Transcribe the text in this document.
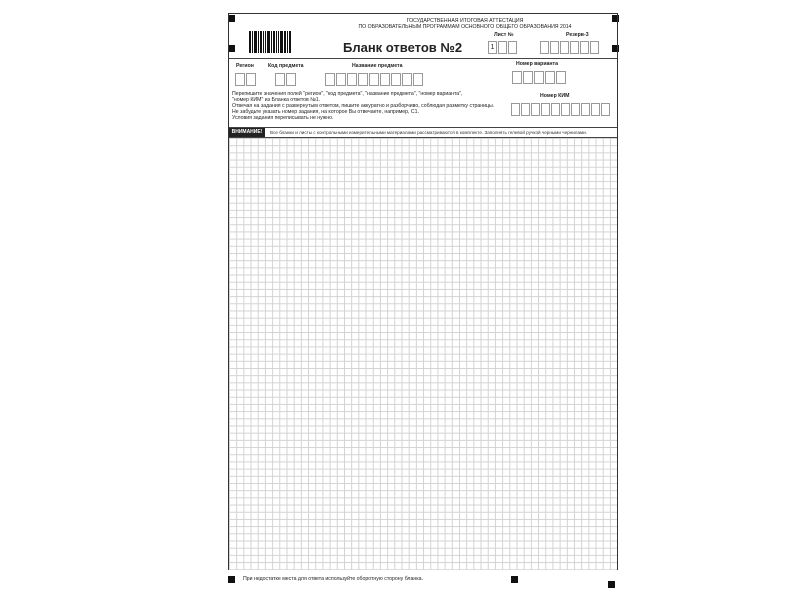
ГОСУДАРСТВЕННАЯ ИТОГОВАЯ АТТЕСТАЦИЯ
ПО ОБРАЗОВАТЕЛЬНЫМ ПРОГРАММАМ ОСНОВНОГО ОБЩЕГО ОБРАЗОВАНИЯ 2014
Бланк ответов №2
Лист №
1
Резерв-3
Регион	Код предмета	Название предмета	Номер варианта
Перепишите значения полей "регион", "код предмета", "название предмета", "номер варианта",
"номер КИМ" из Бланка ответов №1.
Отвечая на задания с развернутым ответом, пишите аккуратно и разборчиво, соблюдая разметку страницы.
Не забудьте указать номер задания, на которое Вы отвечаете, например, С1.
Условия задания переписывать не нужно.
Номер КИМ
ВНИМАНИЕ!	Все бланки и листы с контрольными измерительными материалами рассматриваются в комплекте. Заполнять гелевой ручкой черными чернилами.
При недостатке места для ответа используйте оборотную сторону бланка.
